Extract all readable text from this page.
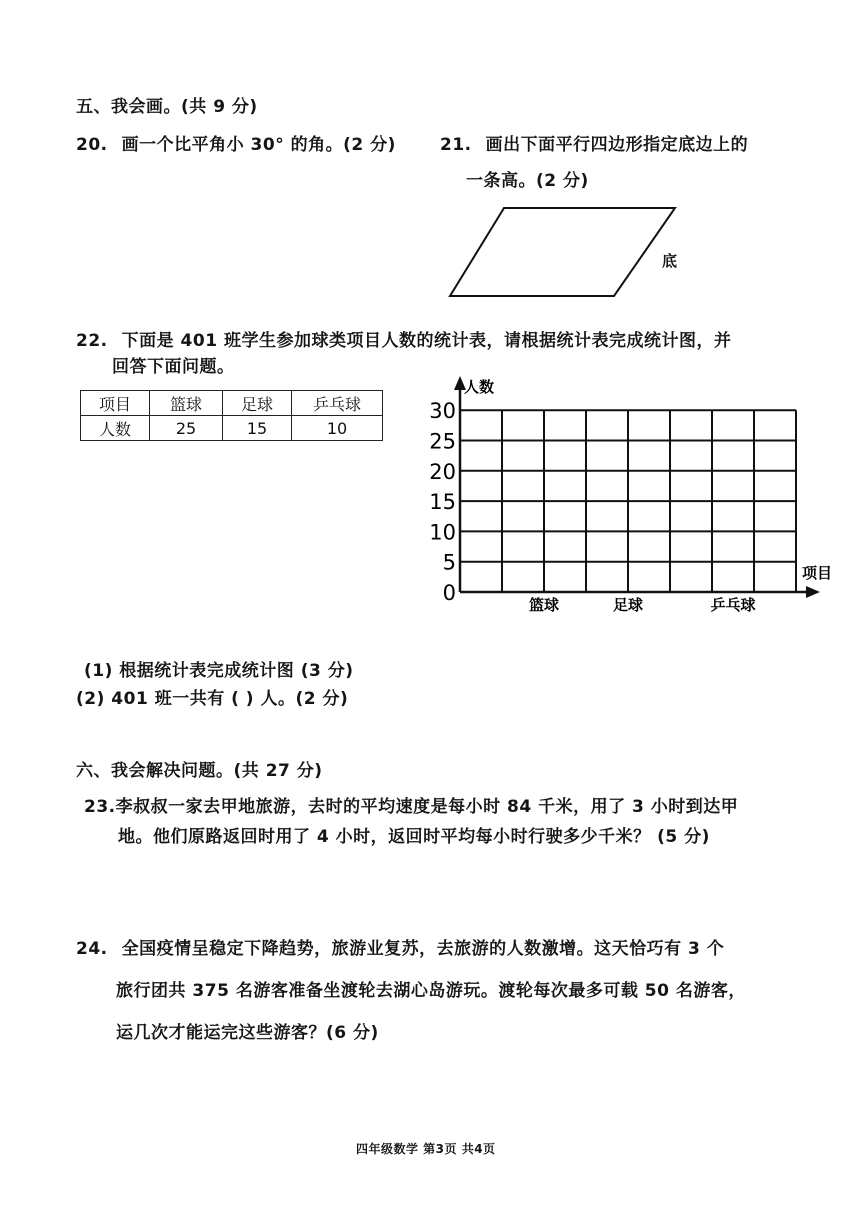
五、我会画。(共 9 分)
20. 画一个比平角小 30° 的角。(2 分)	21. 画出下面平行四边形指定底边上的
一条高。(2 分)
底
22. 下面是 401 班学生参加球类项目人数的统计表，请根据统计表完成统计图，并
回答下面问题。
项目	篮球	足球	乒乓球
人数	25	15	10
0
5
10
15
20
25
30
篮球	足球	乒乓球
人数
项目
(1) 根据统计表完成统计图 (3 分)
(2) 401 班一共有 ( ) 人。(2 分)
六、我会解决问题。(共 27 分)
23.李叔叔一家去甲地旅游，去时的平均速度是每小时 84 千米，用了 3 小时到达甲
地。他们原路返回时用了 4 小时，返回时平均每小时行驶多少千米？ (5 分)
24. 全国疫情呈稳定下降趋势，旅游业复苏，去旅游的人数激增。这天恰巧有 3 个
旅行团共 375 名游客准备坐渡轮去湖心岛游玩。渡轮每次最多可载 50 名游客，
运几次才能运完这些游客？(6 分)
四年级数学 第3页 共4页
